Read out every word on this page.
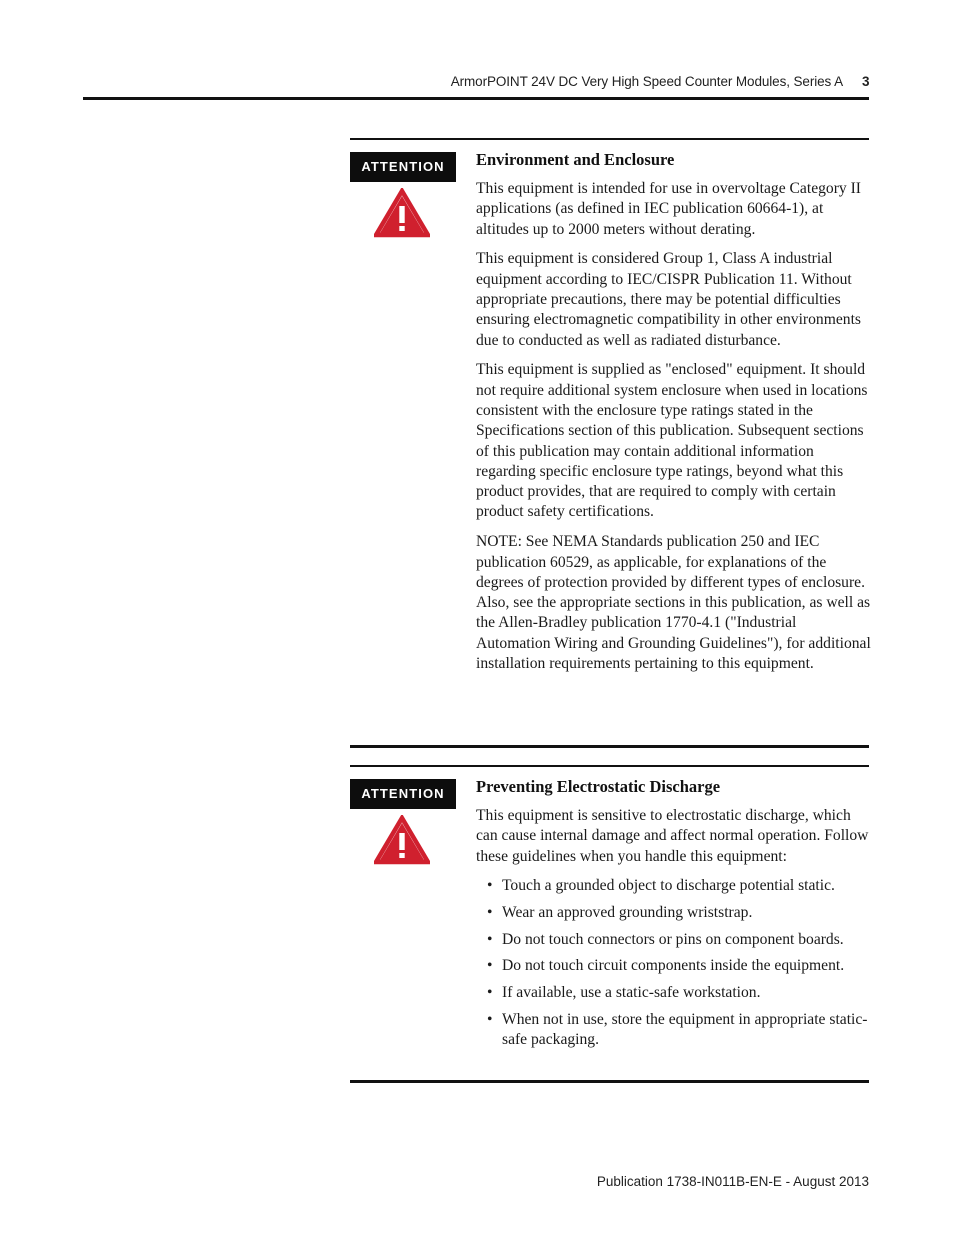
ArmorPOINT 24V DC Very High Speed Counter Modules, Series A 3
ATTENTION	Environment and Enclosure

This equipment is intended for use in overvoltage Category II applications (as defined in IEC publication 60664-1), at altitudes up to 2000 meters without derating.

This equipment is considered Group 1, Class A industrial equipment according to IEC/CISPR Publication 11. Without appropriate precautions, there may be potential difficulties ensuring electromagnetic compatibility in other environments due to conducted as well as radiated disturbance.

This equipment is supplied as "enclosed" equipment. It should not require additional system enclosure when used in locations consistent with the enclosure type ratings stated in the Specifications section of this publication. Subsequent sections of this publication may contain additional information regarding specific enclosure type ratings, beyond what this product provides, that are required to comply with certain product safety certifications.

NOTE: See NEMA Standards publication 250 and IEC publication 60529, as applicable, for explanations of the degrees of protection provided by different types of enclosure. Also, see the appropriate sections in this publication, as well as the Allen-Bradley publication 1770-4.1 ("Industrial Automation Wiring and Grounding Guidelines"), for additional installation requirements pertaining to this equipment.

ATTENTION	Preventing Electrostatic Discharge

This equipment is sensitive to electrostatic discharge, which can cause internal damage and affect normal operation. Follow these guidelines when you handle this equipment:

• Touch a grounded object to discharge potential static.
• Wear an approved grounding wriststrap.
• Do not touch connectors or pins on component boards.
• Do not touch circuit components inside the equipment.
• If available, use a static-safe workstation.
• When not in use, store the equipment in appropriate static-safe packaging.
Publication 1738-IN011B-EN-E - August 2013
